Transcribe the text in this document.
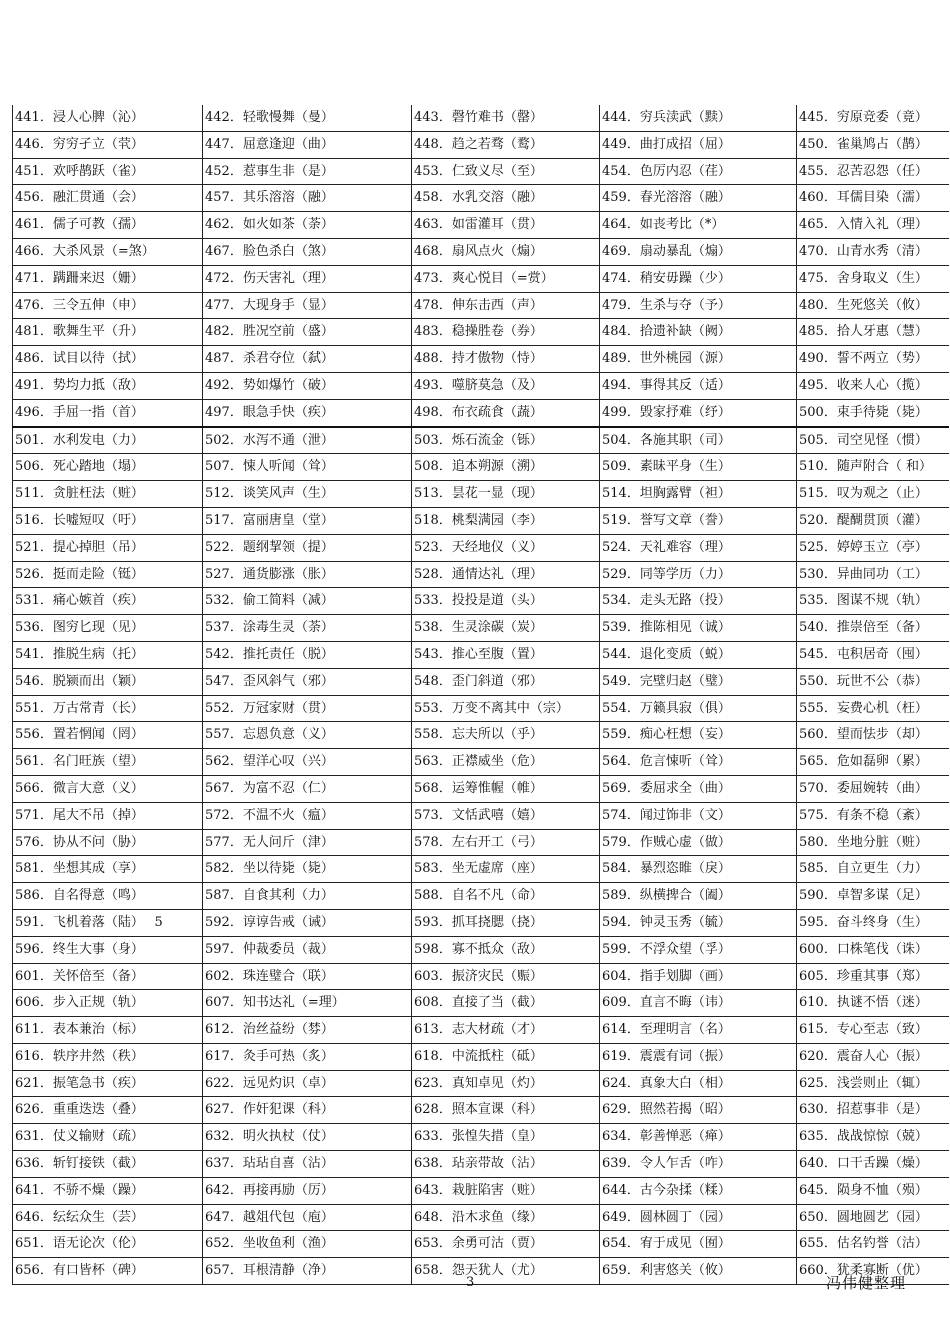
441．浸人心脾（沁）	442．轻歌慢舞（曼）	443．磬竹难书（罄）	444．穷兵渎武（黩）	445．穷原竞委（竟）
446．穷穷孑立（茕）	447．屈意逢迎（曲）	448．趋之若骛（鹜）	449．曲打成招（屈）	450．雀巢鸠占（鹊）
451．欢呼鹊跃（雀）	452．惹事生非（是）	453．仁致义尽（至）	454．色厉内忍（荏）	455．忍苦忍怨（任）
456．融汇贯通（会）	457．其乐溶溶（融）	458．水乳交溶（融）	459．春光溶溶（融）	460．耳儒目染（濡）
461．儒子可教（孺）	462．如火如茶（荼）	463．如雷灌耳（贯）	464．如丧考比（*）	465．入情入礼（理）
466．大杀风景（=煞）	467．脸色杀白（煞）	468．扇风点火（煽）	469．扇动暴乱（煽）	470．山青水秀（清）
471．蹒跚来迟（姗）	472．伤天害礼（理）	473．爽心悦目（=赏）	474．稍安毋躁（少）	475．舍身取义（生）
476．三令五伸（申）	477．大现身手（显）	478．伸东击西（声）	479．生杀与夺（予）	480．生死悠关（攸）
481．歌舞生平（升）	482．胜况空前（盛）	483．稳操胜卷（券）	484．拾遗补缺（阙）	485．拾人牙惠（慧）
486．试目以待（拭）	487．杀君夺位（弑）	488．持才傲物（恃）	489．世外桃园（源）	490．誓不两立（势）
491．势均力抵（敌）	492．势如爆竹（破）	493．噬脐莫急（及）	494．事得其反（适）	495．收来人心（揽）
496．手屈一指（首）	497．眼急手快（疾）	498．布衣疏食（蔬）	499．毁家抒难（纾）	500．束手待毙（毙）
501．水利发电（力）	502．水泻不通（泄）	503．烁石流金（铄）	504．各施其职（司）	505．司空见怪（惯）
506．死心踏地（塌）	507．悚人听闻（耸）	508．追本朔源（溯）	509．素昧平身（生）	510．随声附合（ 和）
511．贪脏枉法（赃）	512．谈笑风声（生）	513．昙花一显（现）	514．坦胸露臂（袒）	515．叹为观之（止）
516．长嘘短叹（吁）	517．富丽唐皇（堂）	518．桃梨满园（李）	519．誉写文章（誊）	520．醍醐贯顶（灌）
521．提心掉胆（吊）	522．题纲挈领（提）	523．天经地仪（义）	524．天礼难容（理）	525．婷婷玉立（亭）
526．挺而走险（铤）	527．通货膨涨（胀）	528．通情达礼（理）	529．同等学历（力）	530．异曲同功（工）
531．痛心嫉首（疾）	532．偷工简料（减）	533．投投是道（头）	534．走头无路（投）	535．图谋不规（轨）
536．图穷匕现（见）	537．涂毒生灵（荼）	538．生灵涂碳（炭）	539．推陈相见（诚）	540．推崇倍至（备）
541．推脱生病（托）	542．推托责任（脱）	543．推心至腹（置）	544．退化变质（蜕）	545．屯积居奇（囤）
546．脱颍而出（颖）	547．歪风斜气（邪）	548．歪门斜道（邪）	549．完壁归赵（璧）	550．玩世不公（恭）
551．万古常青（长）	552．万冠家财（贯）	553．万变不离其中（宗）	554．万籁具寂（俱）	555．妄费心机（枉）
556．置若惘闻（罔）	557．忘恩负意（义）	558．忘夫所以（乎）	559．痴心枉想（妄）	560．望而怯步（却）
561．名门旺族（望）	562．望洋心叹（兴）	563．正襟威坐（危）	564．危言悚听（耸）	565．危如磊卵（累）
566．微言大意（义）	567．为富不忍（仁）	568．运筹惟幄（帷）	569．委屈求全（曲）	570．委屈婉转（曲）
571．尾大不吊（掉）	572．不温不火（瘟）	573．文恬武嘻（嬉）	574．闻过饰非（文）	575．有条不稳（紊）
576．协从不问（胁）	577．无人问斤（津）	578．左右开工（弓）	579．作贼心虚（做）	580．坐地分脏（赃）
581．坐想其成（享）	582．坐以待毙（毙）	583．坐无虚席（座）	584．暴烈恣睢（戾）	585．自立更生（力）
586．自名得意（鸣）	587．自食其利（力）	588．自名不凡（命）	589．纵横捭合（阖）	590．卓智多谋（足）
591．飞机着落（陆）　 5	592．谆谆告戒（诫）	593．抓耳挠腮（挠）	594．钟灵玉秀（毓）	595．奋斗终身（生）
596．终生大事（身）	597．仲裁委员（裁）	598．寡不抵众（敌）	599．不浮众望（孚）	600．口株笔伐（诛）
601．关怀倍至（备）	602．珠连璧合（联）	603．振济灾民（赈）	604．指手划脚（画）	605．珍重其事（郑）
606．步入正规（轨）	607．知书达礼（=理）	608．直接了当（截）	609．直言不晦（讳）	610．执谜不悟（迷）
611．表本兼治（标）	612．治丝益纷（棼）	613．志大材疏（才）	614．至理明言（名）	615．专心至志（致）
616．轶序井然（秩）	617．灸手可热（炙）	618．中流抵柱（砥）	619．震震有词（振）	620．震奋人心（振）
621．振笔急书（疾）	622．远见灼识（卓）	623．真知卓见（灼）	624．真象大白（相）	625．浅尝则止（辄）
626．重重迭迭（叠）	627．作奸犯课（科）	628．照本宣课（科）	629．照然若揭（昭）	630．招惹事非（是）
631．仗义输财（疏）	632．明火执杖（仗）	633．张惶失措（皇）	634．彰善惮恶（瘅）	635．战战惊惊（兢）
636．斩钉接铁（截）	637．玷玷自喜（沾）	638．玷亲带故（沾）	639．令人乍舌（咋）	640．口干舌躁（燥）
641．不骄不燥（躁）	642．再接再励（厉）	643．栽脏陷害（赃）	644．古今杂揉（糅）	645．陨身不恤（殒）
646．纭纭众生（芸）	647．越俎代包（庖）	648．沿木求鱼（缘）	649．圆林圆丁（园）	650．圆地圆艺（园）
651．语无论次（伦）	652．坐收鱼利（渔）	653．余勇可沽（贾）	654．宥于成见（囿）	655．估名钓誉（沽）
656．有口皆杯（碑）	657．耳根清静（净）	658．怨天犹人（尤）	659．利害悠关（攸）	660．犹柔寡断（优）
3	冯伟健整理
